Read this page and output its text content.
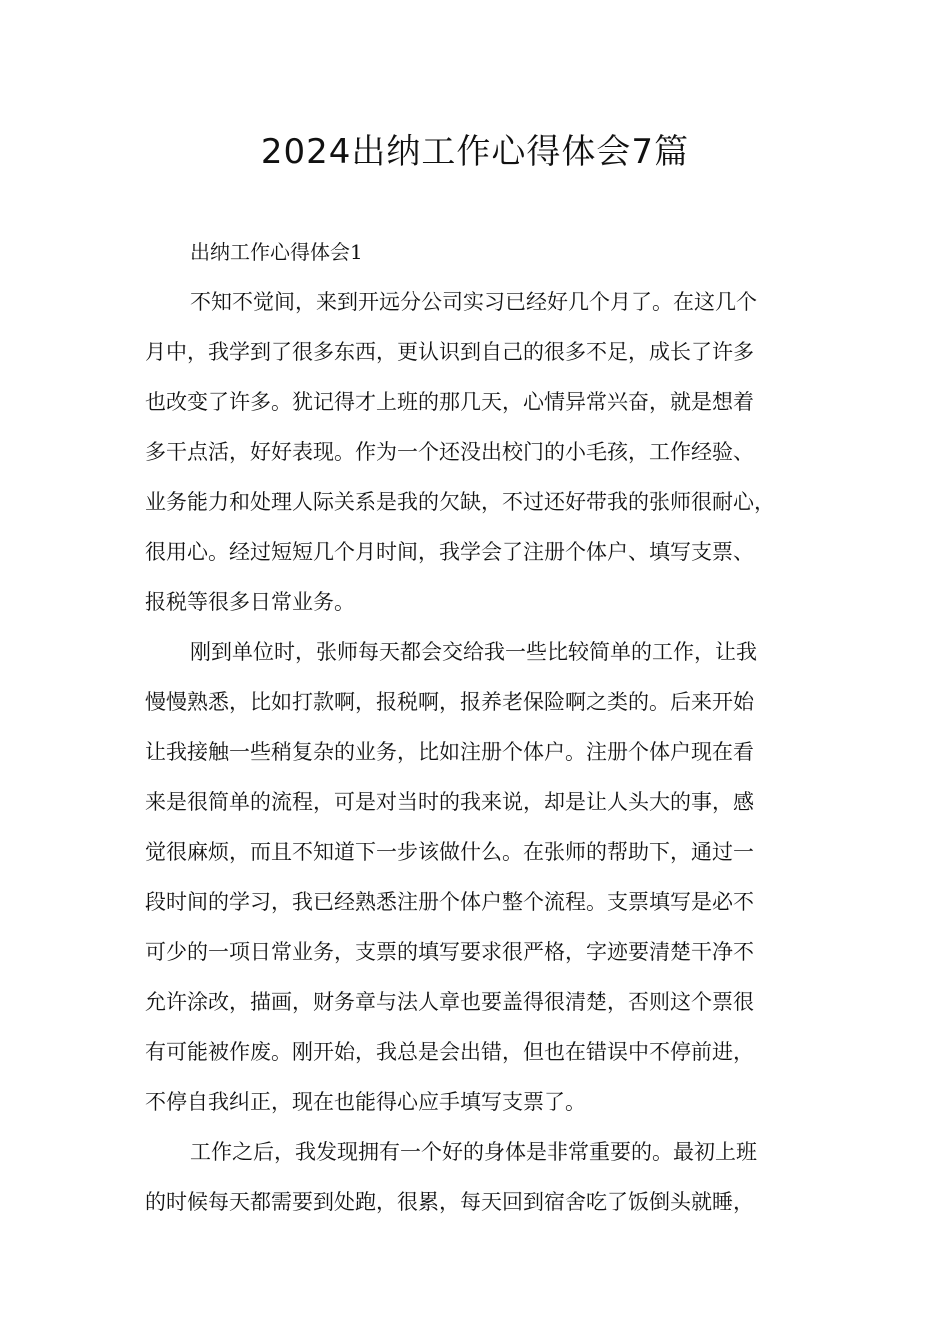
2024出纳工作心得体会7篇
出纳工作心得体会1

不知不觉间，来到开远分公司实习已经好几个月了。在这几个

月中，我学到了很多东西，更认识到自己的很多不足，成长了许多

也改变了许多。犹记得才上班的那几天，心情异常兴奋，就是想着

多干点活，好好表现。作为一个还没出校门的小毛孩，工作经验、

业务能力和处理人际关系是我的欠缺，不过还好带我的张师很耐心，

很用心。经过短短几个月时间，我学会了注册个体户、填写支票、

报税等很多日常业务。

刚到单位时，张师每天都会交给我一些比较简单的工作，让我

慢慢熟悉，比如打款啊，报税啊，报养老保险啊之类的。后来开始

让我接触一些稍复杂的业务，比如注册个体户。注册个体户现在看

来是很简单的流程，可是对当时的我来说，却是让人头大的事，感

觉很麻烦，而且不知道下一步该做什么。在张师的帮助下，通过一

段时间的学习，我已经熟悉注册个体户整个流程。支票填写是必不

可少的一项日常业务，支票的填写要求很严格，字迹要清楚干净不

允许涂改，描画，财务章与法人章也要盖得很清楚，否则这个票很

有可能被作废。刚开始，我总是会出错，但也在错误中不停前进，

不停自我纠正，现在也能得心应手填写支票了。

工作之后，我发现拥有一个好的身体是非常重要的。最初上班

的时候每天都需要到处跑，很累，每天回到宿舍吃了饭倒头就睡，
